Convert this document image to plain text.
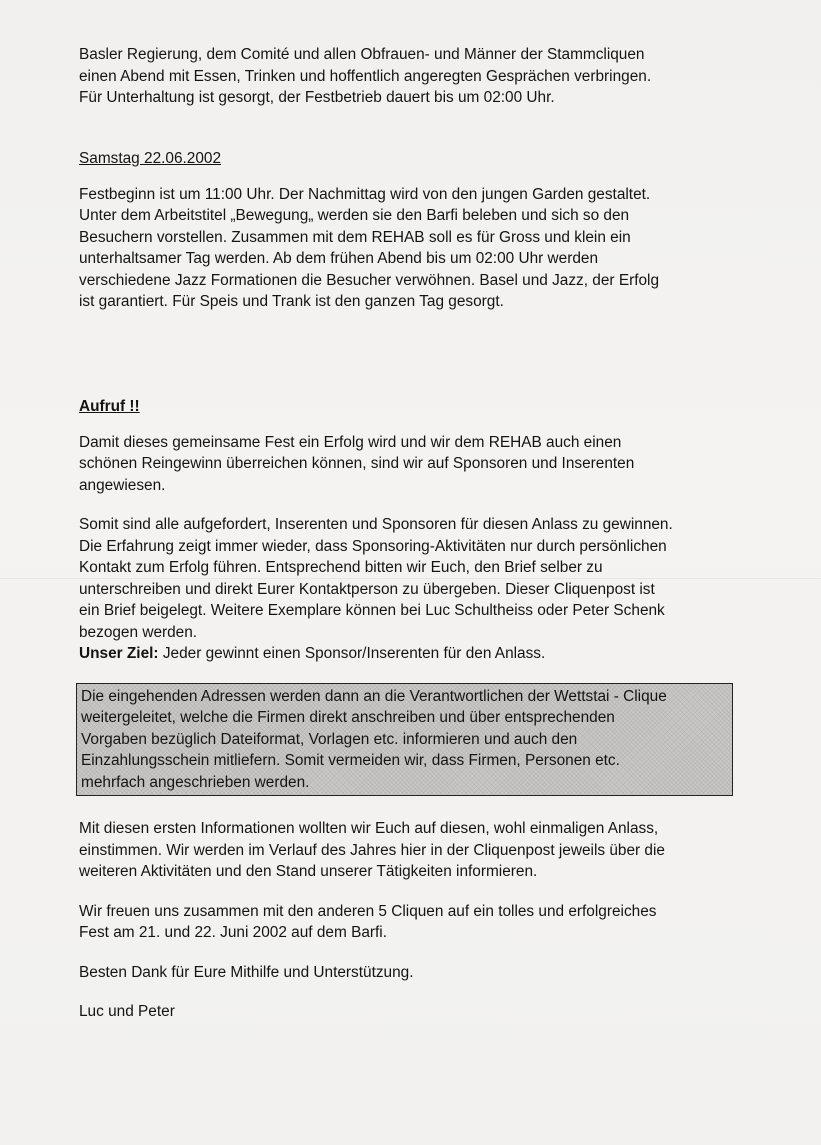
Basler Regierung, dem Comité und allen Obfrauen- und Männer der Stammcliquen
einen Abend mit Essen, Trinken und hoffentlich angeregten Gesprächen verbringen.
Für Unterhaltung ist gesorgt, der Festbetrieb dauert bis um 02:00 Uhr.

Samstag 22.06.2002

Festbeginn ist um 11:00 Uhr. Der Nachmittag wird von den jungen Garden gestaltet.
Unter dem Arbeitstitel „Bewegung„ werden sie den Barfi beleben und sich so den
Besuchern vorstellen. Zusammen mit dem REHAB soll es für Gross und klein ein
unterhaltsamer Tag werden. Ab dem frühen Abend bis um 02:00 Uhr werden
verschiedene Jazz Formationen die Besucher verwöhnen. Basel und Jazz, der Erfolg
ist garantiert. Für Speis und Trank ist den ganzen Tag gesorgt.

Aufruf !!

Damit dieses gemeinsame Fest ein Erfolg wird und wir dem REHAB auch einen
schönen Reingewinn überreichen können, sind wir auf Sponsoren und Inserenten
angewiesen.

Somit sind alle aufgefordert, Inserenten und Sponsoren für diesen Anlass zu gewinnen.
Die Erfahrung zeigt immer wieder, dass Sponsoring-Aktivitäten nur durch persönlichen
Kontakt zum Erfolg führen. Entsprechend bitten wir Euch, den Brief selber zu
unterschreiben und direkt Eurer Kontaktperson zu übergeben. Dieser Cliquenpost ist
ein Brief beigelegt. Weitere Exemplare können bei Luc Schultheiss oder Peter Schenk
bezogen werden.

Unser Ziel: Jeder gewinnt einen Sponsor/Inserenten für den Anlass.

Die eingehenden Adressen werden dann an die Verantwortlichen der Wettstai - Clique
weitergeleitet, welche die Firmen direkt anschreiben und über entsprechenden
Vorgaben bezüglich Dateiformat, Vorlagen etc. informieren und auch den
Einzahlungsschein mitliefern. Somit vermeiden wir, dass Firmen, Personen etc.
mehrfach angeschrieben werden.

Mit diesen ersten Informationen wollten wir Euch auf diesen, wohl einmaligen Anlass,
einstimmen. Wir werden im Verlauf des Jahres hier in der Cliquenpost jeweils über die
weiteren Aktivitäten und den Stand unserer Tätigkeiten informieren.

Wir freuen uns zusammen mit den anderen 5 Cliquen auf ein tolles und erfolgreiches
Fest am 21. und 22. Juni 2002 auf dem Barfi.

Besten Dank für Eure Mithilfe und Unterstützung.

Luc und Peter
